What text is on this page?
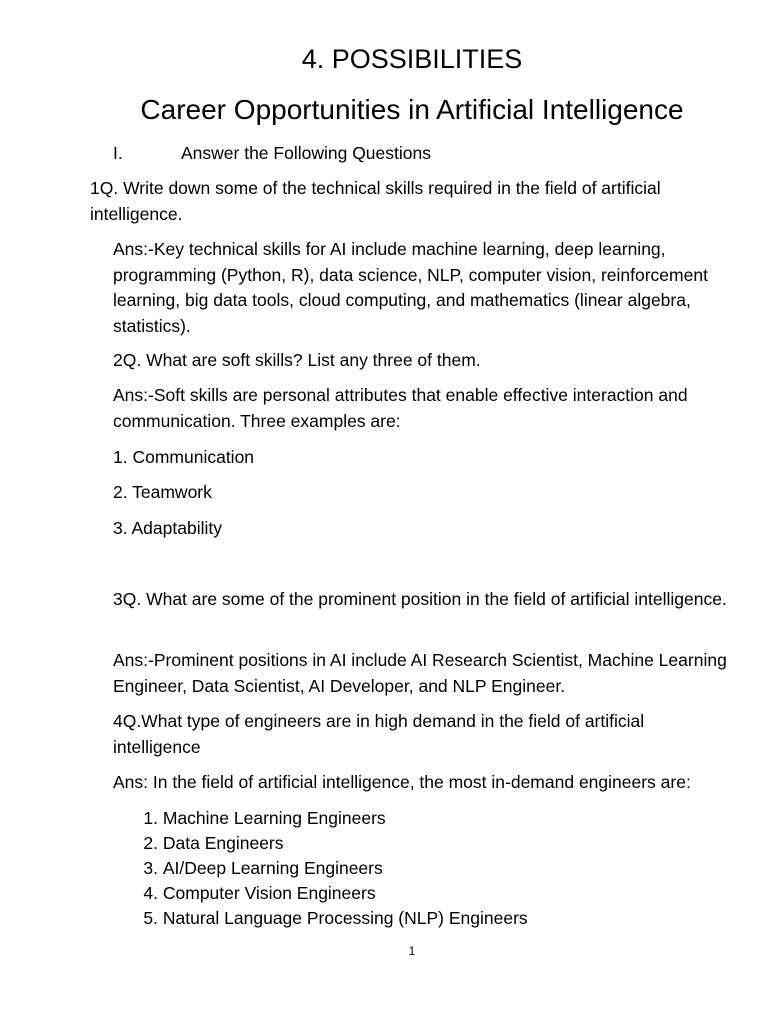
4. POSSIBILITIES
Career Opportunities in Artificial Intelligence
I.	Answer the Following Questions

1Q. Write down some of the technical skills required in the field of artificial intelligence.

Ans:-Key technical skills for AI include machine learning, deep learning, programming (Python, R), data science, NLP, computer vision, reinforcement learning, big data tools, cloud computing, and mathematics (linear algebra, statistics).

2Q. What are soft skills? List any three of them.

Ans:-Soft skills are personal attributes that enable effective interaction and communication. Three examples are:

1. Communication

2. Teamwork

3. Adaptability

3Q. What are some of the prominent position in the field of artificial intelligence.

Ans:-Prominent positions in AI include AI Research Scientist, Machine Learning Engineer, Data Scientist, AI Developer, and NLP Engineer.

4Q.What type of engineers are in high demand in the field of artificial intelligence

Ans: In the field of artificial intelligence, the most in-demand engineers are:

1. Machine Learning Engineers
2. Data Engineers
3. AI/Deep Learning Engineers
4. Computer Vision Engineers
5. Natural Language Processing (NLP) Engineers
1
